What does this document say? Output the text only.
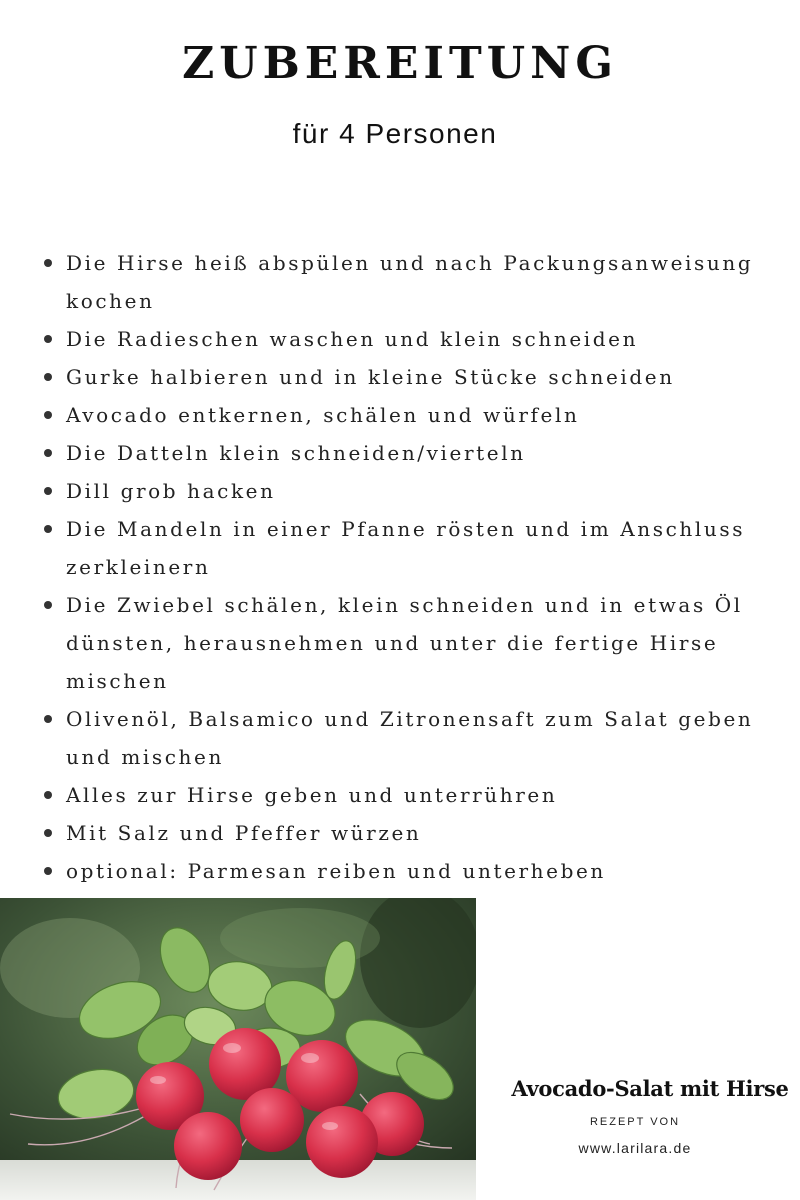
ZUBEREITUNG
für 4 Personen
Die Hirse heiß abspülen und nach Packungsanweisung kochen
Die Radieschen waschen und klein schneiden
Gurke halbieren und in kleine Stücke schneiden
Avocado entkernen, schälen und würfeln
Die Datteln klein schneiden/vierteln
Dill grob hacken
Die Mandeln in einer Pfanne rösten und im Anschluss zerkleinern
Die Zwiebel schälen, klein schneiden und in etwas Öl dünsten, herausnehmen und unter die fertige Hirse mischen
Olivenöl, Balsamico und Zitronensaft zum Salat geben und mischen
Alles zur Hirse geben und unterrühren
Mit Salz und Pfeffer würzen
optional: Parmesan reiben und unterheben
Avocado-Salat mit Hirse
REZEPT VON
www.larilara.de
